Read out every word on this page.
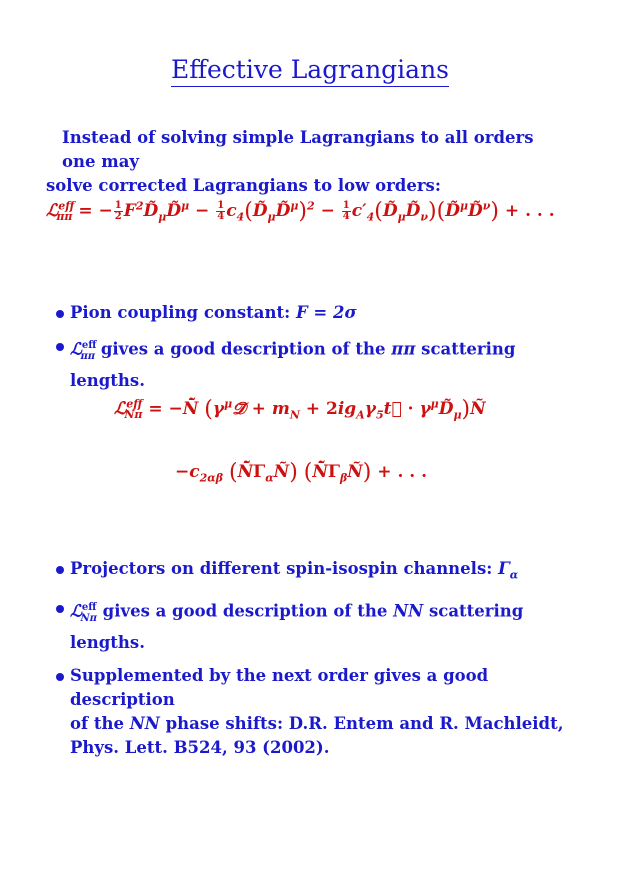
Effective Lagrangians
Instead of solving simple Lagrangians to all orders one may
solve corrected Lagrangians to low orders:
ℒ$^{eff}_{\pi\pi}$ = − $\frac{1}{2}$ $F^2D̃_\mu D̃^\mu - \frac{1}{4}$ $c_4(D̃_\mu D̃^\mu)^2 - \frac{1}{4}$ $c'_4(D̃_\mu D̃_\nu)(D̃^\mu D̃^\nu)$ + . . .
Pion coupling constant: F = 2σ
ℒ$^{eff}_{\pi\pi}$ gives a good description of the ππ scattering lengths.
ℒ$^{eff}_{N\pi}$ = −N̄̃ ($\gamma^\mu 𝒟⃗ + m_N$ + $2ig_A\gamma_5t⃗$ · $\gamma^\mu D̃_\mu)Ñ$
$-c_{2\alpha\beta}$ $(N̄̃\Gamma_\alpha Ñ)$ $(N̄̃\Gamma_\beta Ñ)$ + . . .
Projectors on different spin-isospin channels: $\Gamma_\alpha$
ℒ$^{eff}_{N\pi}$ gives a good description of the NN scattering lengths.
Supplemented by the next order gives a good description
of the NN phase shifts: D.R. Entem and R. Machleidt,
Phys. Lett. B524, 93 (2002).
